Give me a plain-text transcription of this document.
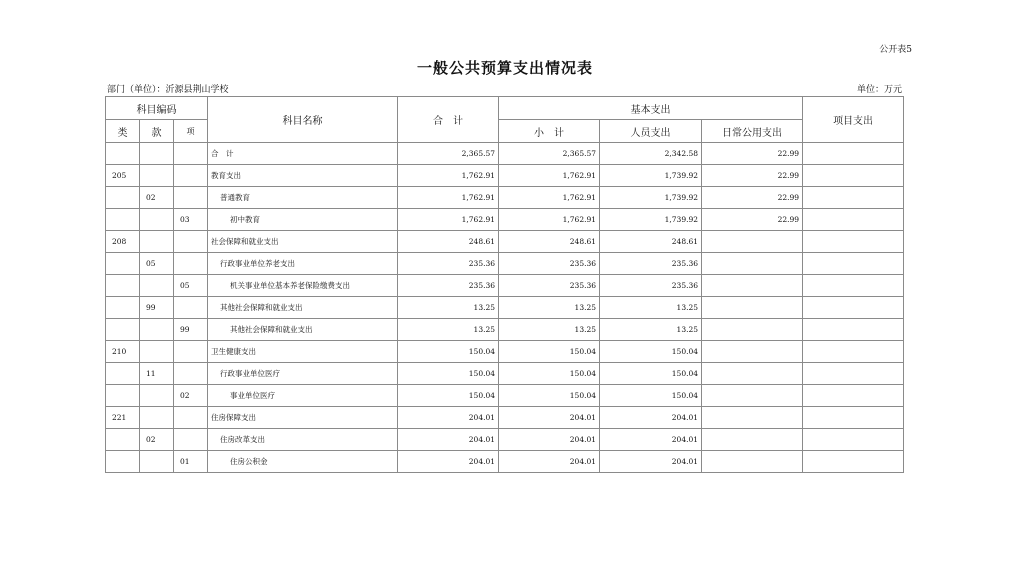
公开表5
一般公共预算支出情况表
部门（单位）：沂源县荆山学校	单位：万元
科目编码			科目名称	合　计	基本支出			项目支出
类	款	项			小　计	人员支出	日常公用支出	
			合　计	2,365.57	2,365.57	2,342.58	22.99	
205			教育支出	1,762.91	1,762.91	1,739.92	22.99	
	02		普通教育	1,762.91	1,762.91	1,739.92	22.99	
		03	初中教育	1,762.91	1,762.91	1,739.92	22.99	
208			社会保障和就业支出	248.61	248.61	248.61		
	05		行政事业单位养老支出	235.36	235.36	235.36		
		05	机关事业单位基本养老保险缴费支出	235.36	235.36	235.36		
	99		其他社会保障和就业支出	13.25	13.25	13.25		
		99	其他社会保障和就业支出	13.25	13.25	13.25		
210			卫生健康支出	150.04	150.04	150.04		
	11		行政事业单位医疗	150.04	150.04	150.04		
		02	事业单位医疗	150.04	150.04	150.04		
221			住房保障支出	204.01	204.01	204.01		
	02		住房改革支出	204.01	204.01	204.01		
		01	住房公积金	204.01	204.01	204.01		
